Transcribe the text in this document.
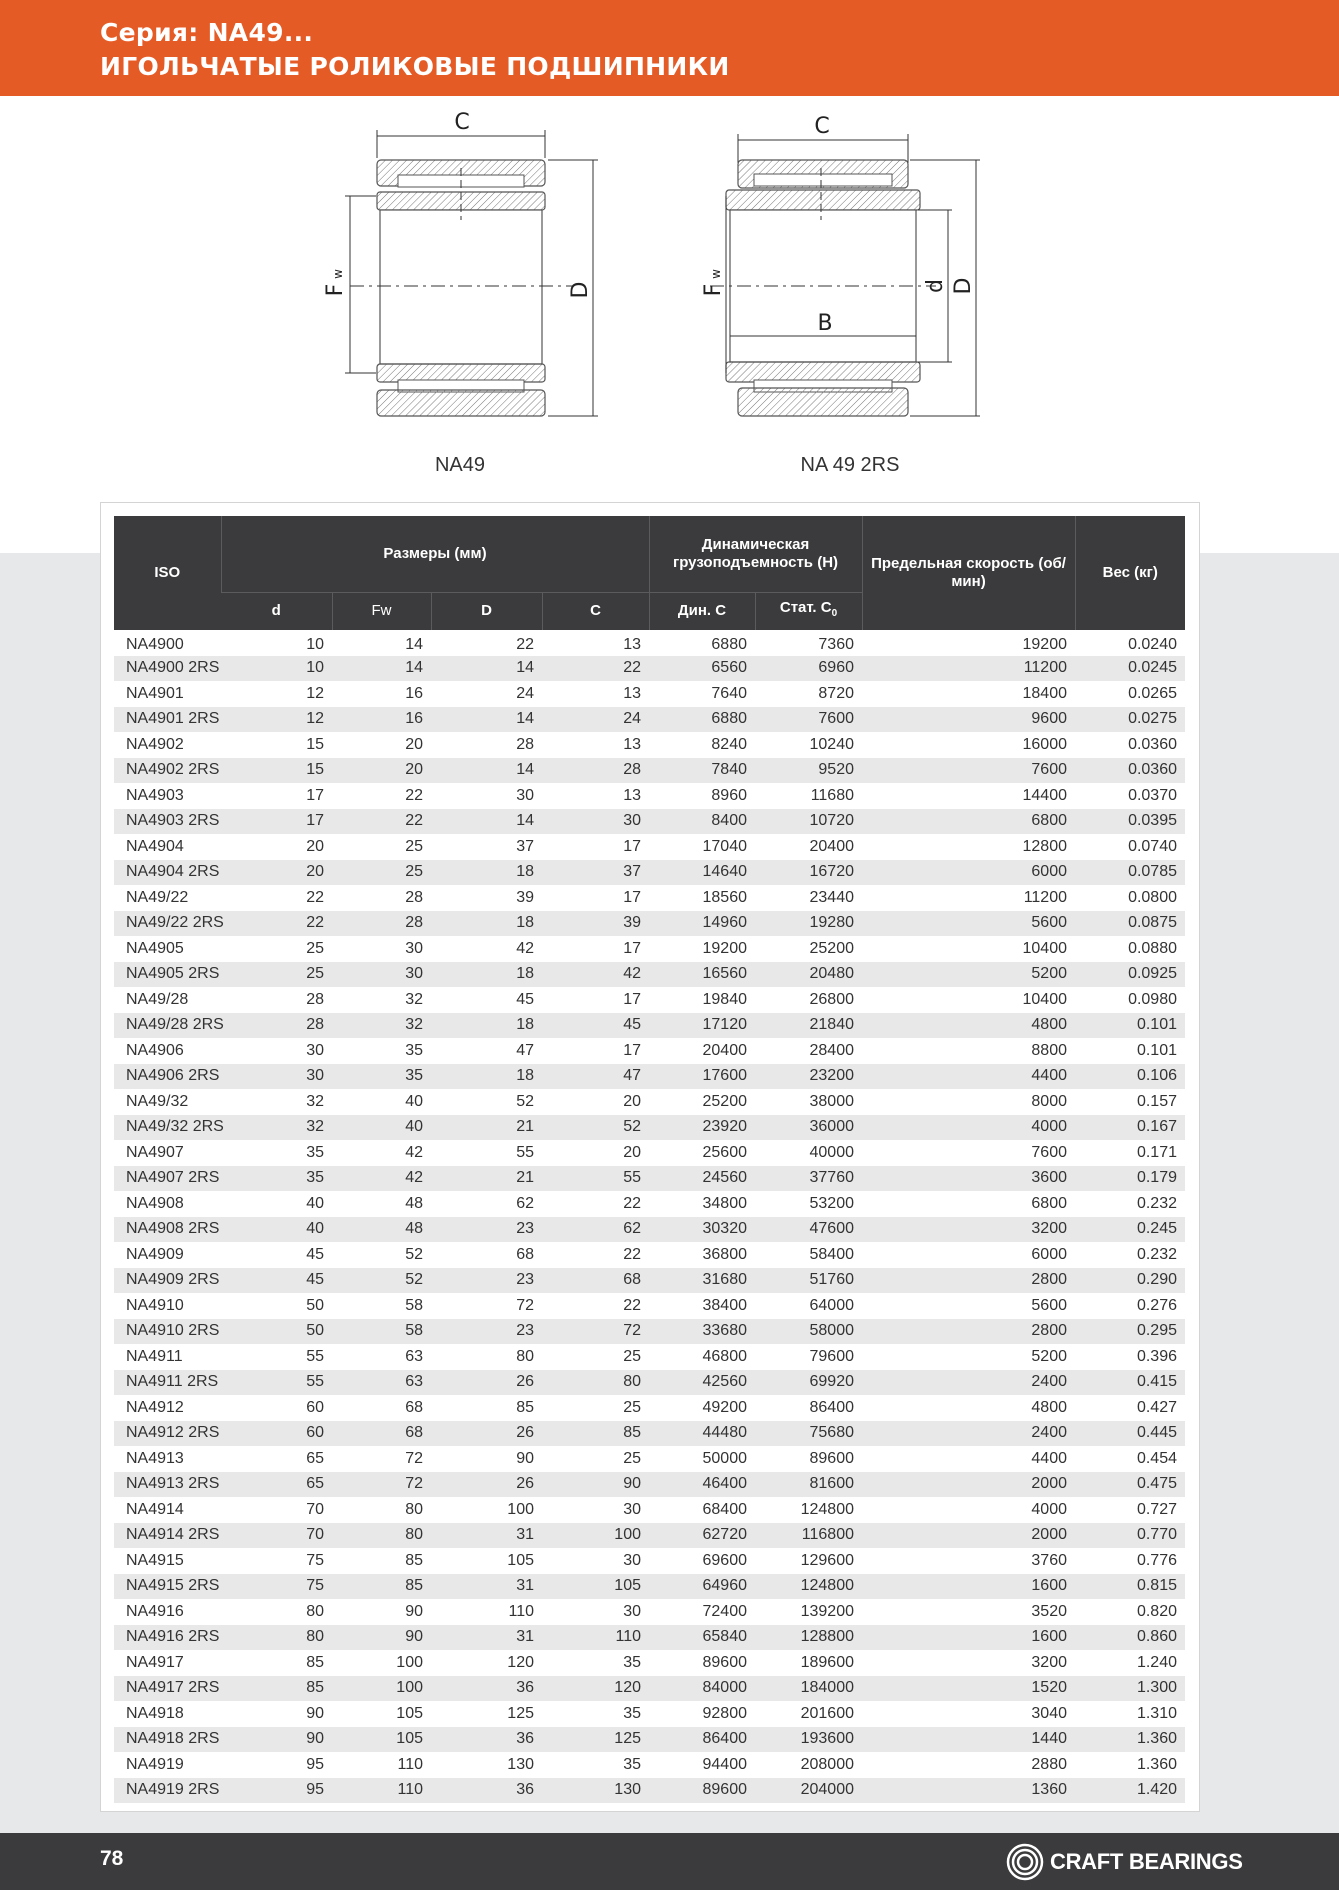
Серия: NA49...
ИГОЛЬЧАТЫЕ РОЛИКОВЫЕ ПОДШИПНИКИ
C
F
w
D
NA49
C
B
F
w
d D
NA 49 2RS
ISO	Размеры (мм)				Динамическая грузоподъемность (Н)		Предельная скорость (об/мин)	Вес (кг)
	d	Fw	D	C	Дин. С	Стат. $C_0$
NA4900	10	14	22	13	6880	7360	19200	0.0240
NA4900 2RS	10	14	14	22	6560	6960	11200	0.0245
NA4901	12	16	24	13	7640	8720	18400	0.0265
NA4901 2RS	12	16	14	24	6880	7600	9600	0.0275
NA4902	15	20	28	13	8240	10240	16000	0.0360
NA4902 2RS	15	20	14	28	7840	9520	7600	0.0360
NA4903	17	22	30	13	8960	11680	14400	0.0370
NA4903 2RS	17	22	14	30	8400	10720	6800	0.0395
NA4904	20	25	37	17	17040	20400	12800	0.0740
NA4904 2RS	20	25	18	37	14640	16720	6000	0.0785
NA49/22	22	28	39	17	18560	23440	11200	0.0800
NA49/22 2RS	22	28	18	39	14960	19280	5600	0.0875
NA4905	25	30	42	17	19200	25200	10400	0.0880
NA4905 2RS	25	30	18	42	16560	20480	5200	0.0925
NA49/28	28	32	45	17	19840	26800	10400	0.0980
NA49/28 2RS	28	32	18	45	17120	21840	4800	0.101
NA4906	30	35	47	17	20400	28400	8800	0.101
NA4906 2RS	30	35	18	47	17600	23200	4400	0.106
NA49/32	32	40	52	20	25200	38000	8000	0.157
NA49/32 2RS	32	40	21	52	23920	36000	4000	0.167
NA4907	35	42	55	20	25600	40000	7600	0.171
NA4907 2RS	35	42	21	55	24560	37760	3600	0.179
NA4908	40	48	62	22	34800	53200	6800	0.232
NA4908 2RS	40	48	23	62	30320	47600	3200	0.245
NA4909	45	52	68	22	36800	58400	6000	0.232
NA4909 2RS	45	52	23	68	31680	51760	2800	0.290
NA4910	50	58	72	22	38400	64000	5600	0.276
NA4910 2RS	50	58	23	72	33680	58000	2800	0.295
NA4911	55	63	80	25	46800	79600	5200	0.396
NA4911 2RS	55	63	26	80	42560	69920	2400	0.415
NA4912	60	68	85	25	49200	86400	4800	0.427
NA4912 2RS	60	68	26	85	44480	75680	2400	0.445
NA4913	65	72	90	25	50000	89600	4400	0.454
NA4913 2RS	65	72	26	90	46400	81600	2000	0.475
NA4914	70	80	100	30	68400	124800	4000	0.727
NA4914 2RS	70	80	31	100	62720	116800	2000	0.770
NA4915	75	85	105	30	69600	129600	3760	0.776
NA4915 2RS	75	85	31	105	64960	124800	1600	0.815
NA4916	80	90	110	30	72400	139200	3520	0.820
NA4916 2RS	80	90	31	110	65840	128800	1600	0.860
NA4917	85	100	120	35	89600	189600	3200	1.240
NA4917 2RS	85	100	36	120	84000	184000	1520	1.300
NA4918	90	105	125	35	92800	201600	3040	1.310
NA4918 2RS	90	105	36	125	86400	193600	1440	1.360
NA4919	95	110	130	35	94400	208000	2880	1.360
NA4919 2RS	95	110	36	130	89600	204000	1360	1.420
78	CRAFT BEARINGS
